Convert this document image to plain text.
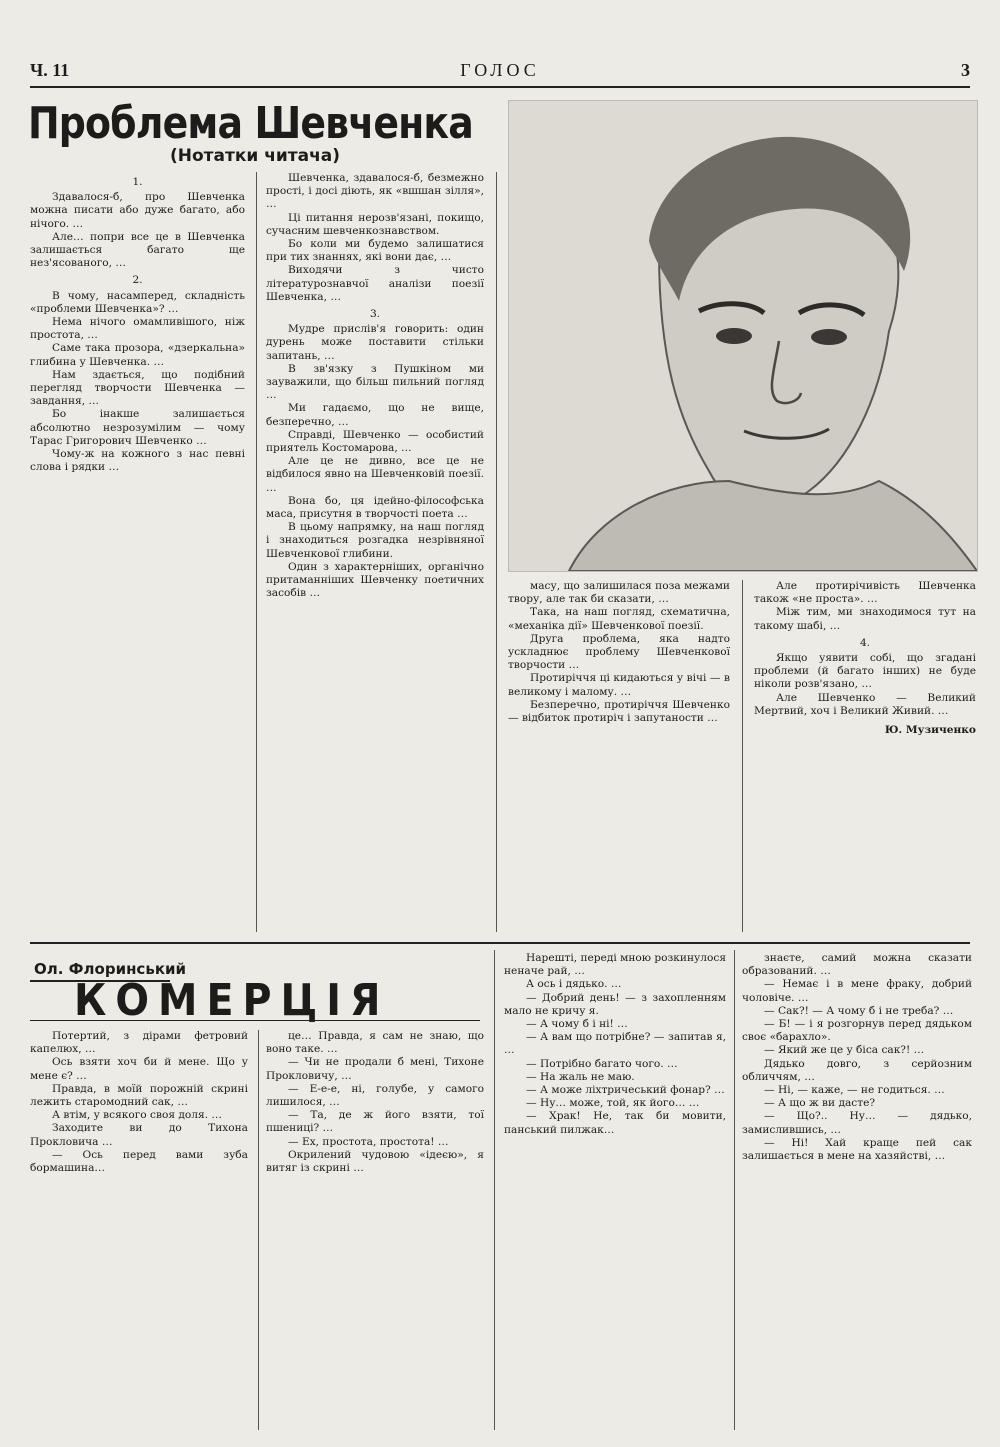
Ч. 11	ГОЛОС	3
Проблема Шевченка
(Нотатки читача)

1.

Здавалося-б, про Шевченка можна писати або дуже багато, або нічого. …

Але… попри все це в Шевченка залишається багато ще нез'ясованого, …

2.

В чому, насамперед, складність «проблеми Шевченка»? …

Нема нічого омамливішого, ніж простота, …

Саме така прозора, «дзеркальна» глибина у Шевченка. …

Нам здається, що подібний перегляд творчости Шевченка — завдання, …

Бо інакше залишається абсолютно незрозумілим — чому Тарас Григорович Шевченко …

Чому-ж на кожного з нас певні слова і рядки …

Шевченка, здавалося-б, безмежно прості, і досі діють, як «вшшан зілля», …

Ці питання нерозв'язані, покищо, сучасним шевченкознавством.

Бо коли ми будемо залишатися при тих знаннях, які вони дає, …

Виходячи з чисто літературознавчої аналізи поезії Шевченка, …

3.

Мудре прислів'я говорить: один дурень може поставити стільки запитань, …

В зв'язку з Пушкіном ми зауважили, що більш пильний погляд …

Ми гадаємо, що не вище, безперечно, …

Справді, Шевченко — особистий приятель Костомарова, …

Але це не дивно, все це не відбилося явно на Шевченковій поезії. …

Вона бо, ця ідейно-філософська маса, присутня в творчості поета …

В цьому напрямку, на наш погляд і знаходиться розгадка незрівняної Шевченкової глибини.

Один з характерніших, органічно притаманніших Шевченку поетичних засобів …

масу, що залишилася поза межами твору, але так би сказати, …

Така, на наш погляд, схематична, «механіка дії» Шевченкової поезії.

Друга проблема, яка надто ускладнює проблему Шевченкової творчости …

Протиріччя ці кидаються у вічі — в великому і малому. …

Безперечно, протиріччя Шевченко — відбиток протиріч і запутаности …

Але протирічивість Шевченка також «не проста». …

Між тим, ми знаходимося тут на такому шабі, …

4.

Якщо уявити собі, що згадані проблеми (й багато інших) не буде ніколи розв'язано, …

Але Шевченко — Великий Мертвий, хоч і Великий Живий. …

Ю. Музиченко

Ол. Флоринський
КОМЕРЦІЯ

Потертий, з дірами фетровий капелюх, …

Ось взяти хоч би й мене. Що у мене є? …

Правда, в моїй порожній скрині лежить старомодний сак, …

А втім, у всякого своя доля. …

Заходите ви до Тихона Прокловича …

— Ось перед вами зуба бормашина…

це… Правда, я сам не знаю, що воно таке. …

— Чи не продали б мені, Тихоне Прокловичу, …

— Е-е-е, ні, голубе, у самого лишилося, …

— Та, де ж його взяти, тої пшениці? …

— Ех, простота, простота! …

Окрилений чудовою «ідеєю», я витяг із скрині …

Нарешті, переді мною розкинулося неначе рай, …

А ось і дядько. …

— Добрий день! — з захопленням мало не кричу я.

— А чому б і ні! …

— А вам що потрібне? — запитав я, …

— Потрібно багато чого. …

— На жаль не маю.

— А може ліхтричеський фонар? …

— Ну… може, той, як його… …

— Храк! Не, так би мовити, панський пилжак…

знаєте, самий можна сказати образований. …

— Немає і в мене фраку, добрий чоловіче. …

— Сак?! — А чому б і не треба? …

— Б! — і я розгорнув перед дядьком своє «барахло».

— Який же це у біса сак?! …

Дядько довго, з серйозним обличчям, …

— Ні, — каже, — не годиться. …

— А що ж ви дасте?

— Що?.. Ну… — дядько, замислившись, …

— Ні! Хай краще пей сак залишається в мене на хазяйстві, …
